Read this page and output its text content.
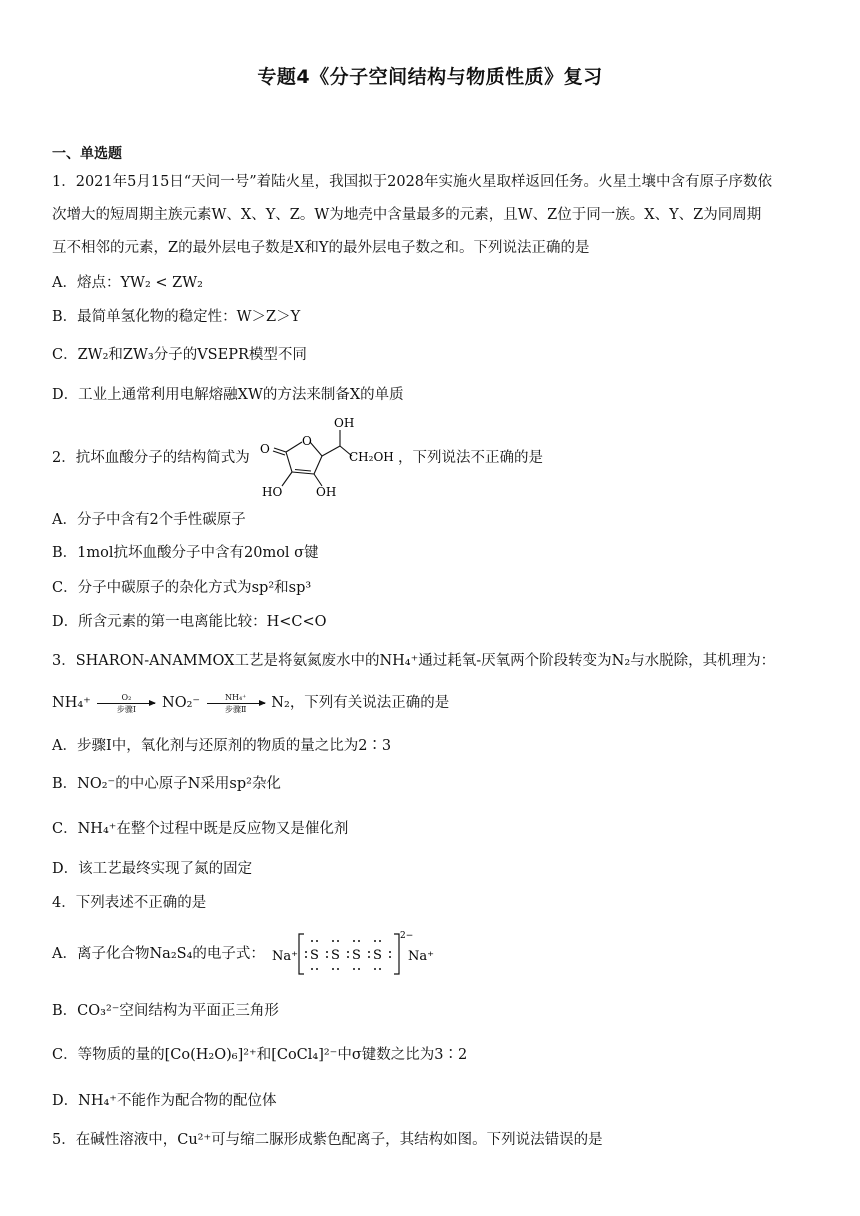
专题4《分子空间结构与物质性质》复习
一、单选题
1．2021年5月15日“天问一号”着陆火星，我国拟于2028年实施火星取样返回任务。火星土壤中含有原子序数依
次增大的短周期主族元素W、X、Y、Z。W为地壳中含量最多的元素，且W、Z位于同一族。X、Y、Z为同周期
互不相邻的元素，Z的最外层电子数是X和Y的最外层电子数之和。下列说法正确的是
A．熔点：YW₂ < ZW₂
B．最简单氢化物的稳定性：W＞Z＞Y
C．ZW₂和ZW₃分子的VSEPR模型不同
D．工业上通常利用电解熔融XW的方法来制备X的单质
2．抗坏血酸分子的结构简式为
O
O
OH
CH₂OH
HO	OH
，下列说法不正确的是
A．分子中含有2个手性碳原子
B．1mol抗坏血酸分子中含有20mol σ键
C．分子中碳原子的杂化方式为sp²和sp³
D．所含元素的第一电离能比较：H<C<O
3．SHARON-ANAMMOX工艺是将氨氮废水中的NH₄⁺通过耗氧-厌氧两个阶段转变为N₂与水脱除，其机理为：
NH₄⁺	O₂
步骤Ⅰ	NO₂⁻	NH₄⁺
步骤Ⅱ	N₂，下列有关说法正确的是
A．步骤Ⅰ中，氧化剂与还原剂的物质的量之比为2∶3
B．NO₂⁻的中心原子N采用sp²杂化
C．NH₄⁺在整个过程中既是反应物又是催化剂
D．该工艺最终实现了氮的固定
4．下列表述不正确的是
A．离子化合物Na₂S₄的电子式： Na⁺
2−
Na⁺
S S S S
B．CO₃²⁻空间结构为平面正三角形
C．等物质的量的[Co(H₂O)₆]²⁺和[CoCl₄]²⁻中σ键数之比为3∶2
D．NH₄⁺不能作为配合物的配位体
5．在碱性溶液中，Cu²⁺可与缩二脲形成紫色配离子，其结构如图。下列说法错误的是
